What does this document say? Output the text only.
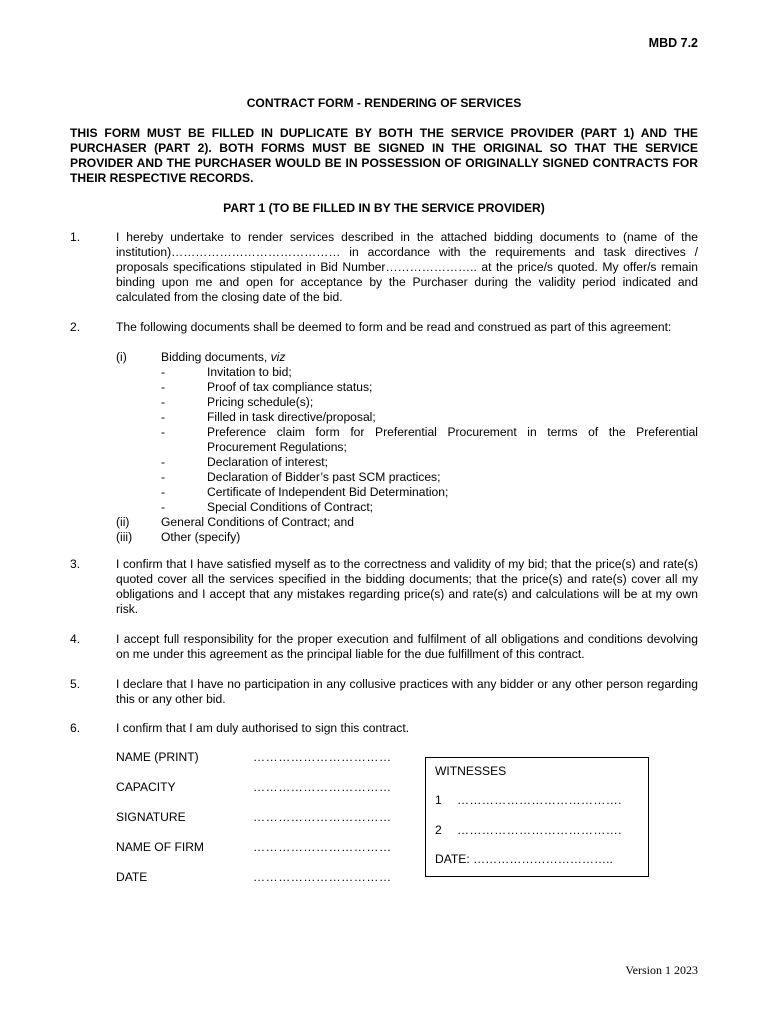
MBD 7.2
CONTRACT FORM - RENDERING OF SERVICES
THIS FORM MUST BE FILLED IN DUPLICATE BY BOTH THE SERVICE PROVIDER (PART 1) AND THE PURCHASER (PART 2). BOTH FORMS MUST BE SIGNED IN THE ORIGINAL SO THAT THE SERVICE PROVIDER AND THE PURCHASER WOULD BE IN POSSESSION OF ORIGINALLY SIGNED CONTRACTS FOR THEIR RESPECTIVE RECORDS.
PART 1 (TO BE FILLED IN BY THE SERVICE PROVIDER)
1.	I hereby undertake to render services described in the attached bidding documents to (name of the institution)…………………………………… in accordance with the requirements and task directives / proposals specifications stipulated in Bid Number………………….. at the price/s quoted. My offer/s remain binding upon me and open for acceptance by the Purchaser during the validity period indicated and calculated from the closing date of the bid.

2.	The following documents shall be deemed to form and be read and construed as part of this agreement:

(i)	Bidding documents, viz
-	Invitation to bid;
-	Proof of tax compliance status;
-	Pricing schedule(s);
-	Filled in task directive/proposal;
-	Preference claim form for Preferential Procurement in terms of the Preferential Procurement Regulations;
-	Declaration of interest;
-	Declaration of Bidder’s past SCM practices;
-	Certificate of Independent Bid Determination;
-	Special Conditions of Contract;
(ii)	General Conditions of Contract; and
(iii) Other (specify)
3.	I confirm that I have satisfied myself as to the correctness and validity of my bid; that the price(s) and rate(s) quoted cover all the services specified in the bidding documents; that the price(s) and rate(s) cover all my obligations and I accept that any mistakes regarding price(s) and rate(s) and calculations will be at my own risk.

4.	I accept full responsibility for the proper execution and fulfilment of all obligations and conditions devolving on me under this agreement as the principal liable for the due fulfillment of this contract.

5.	I declare that I have no participation in any collusive practices with any bidder or any other person regarding this or any other bid.

6.	I confirm that I am duly authorised to sign this contract.

NAME (PRINT)	……………………………
CAPACITY	……………………………
SIGNATURE	……………………………
NAME OF FIRM	……………………………
DATE	……………………………
WITNESSES
1 ………………………………….
2 ………………………………….
DATE: ……………………………..
Version 1 2023
